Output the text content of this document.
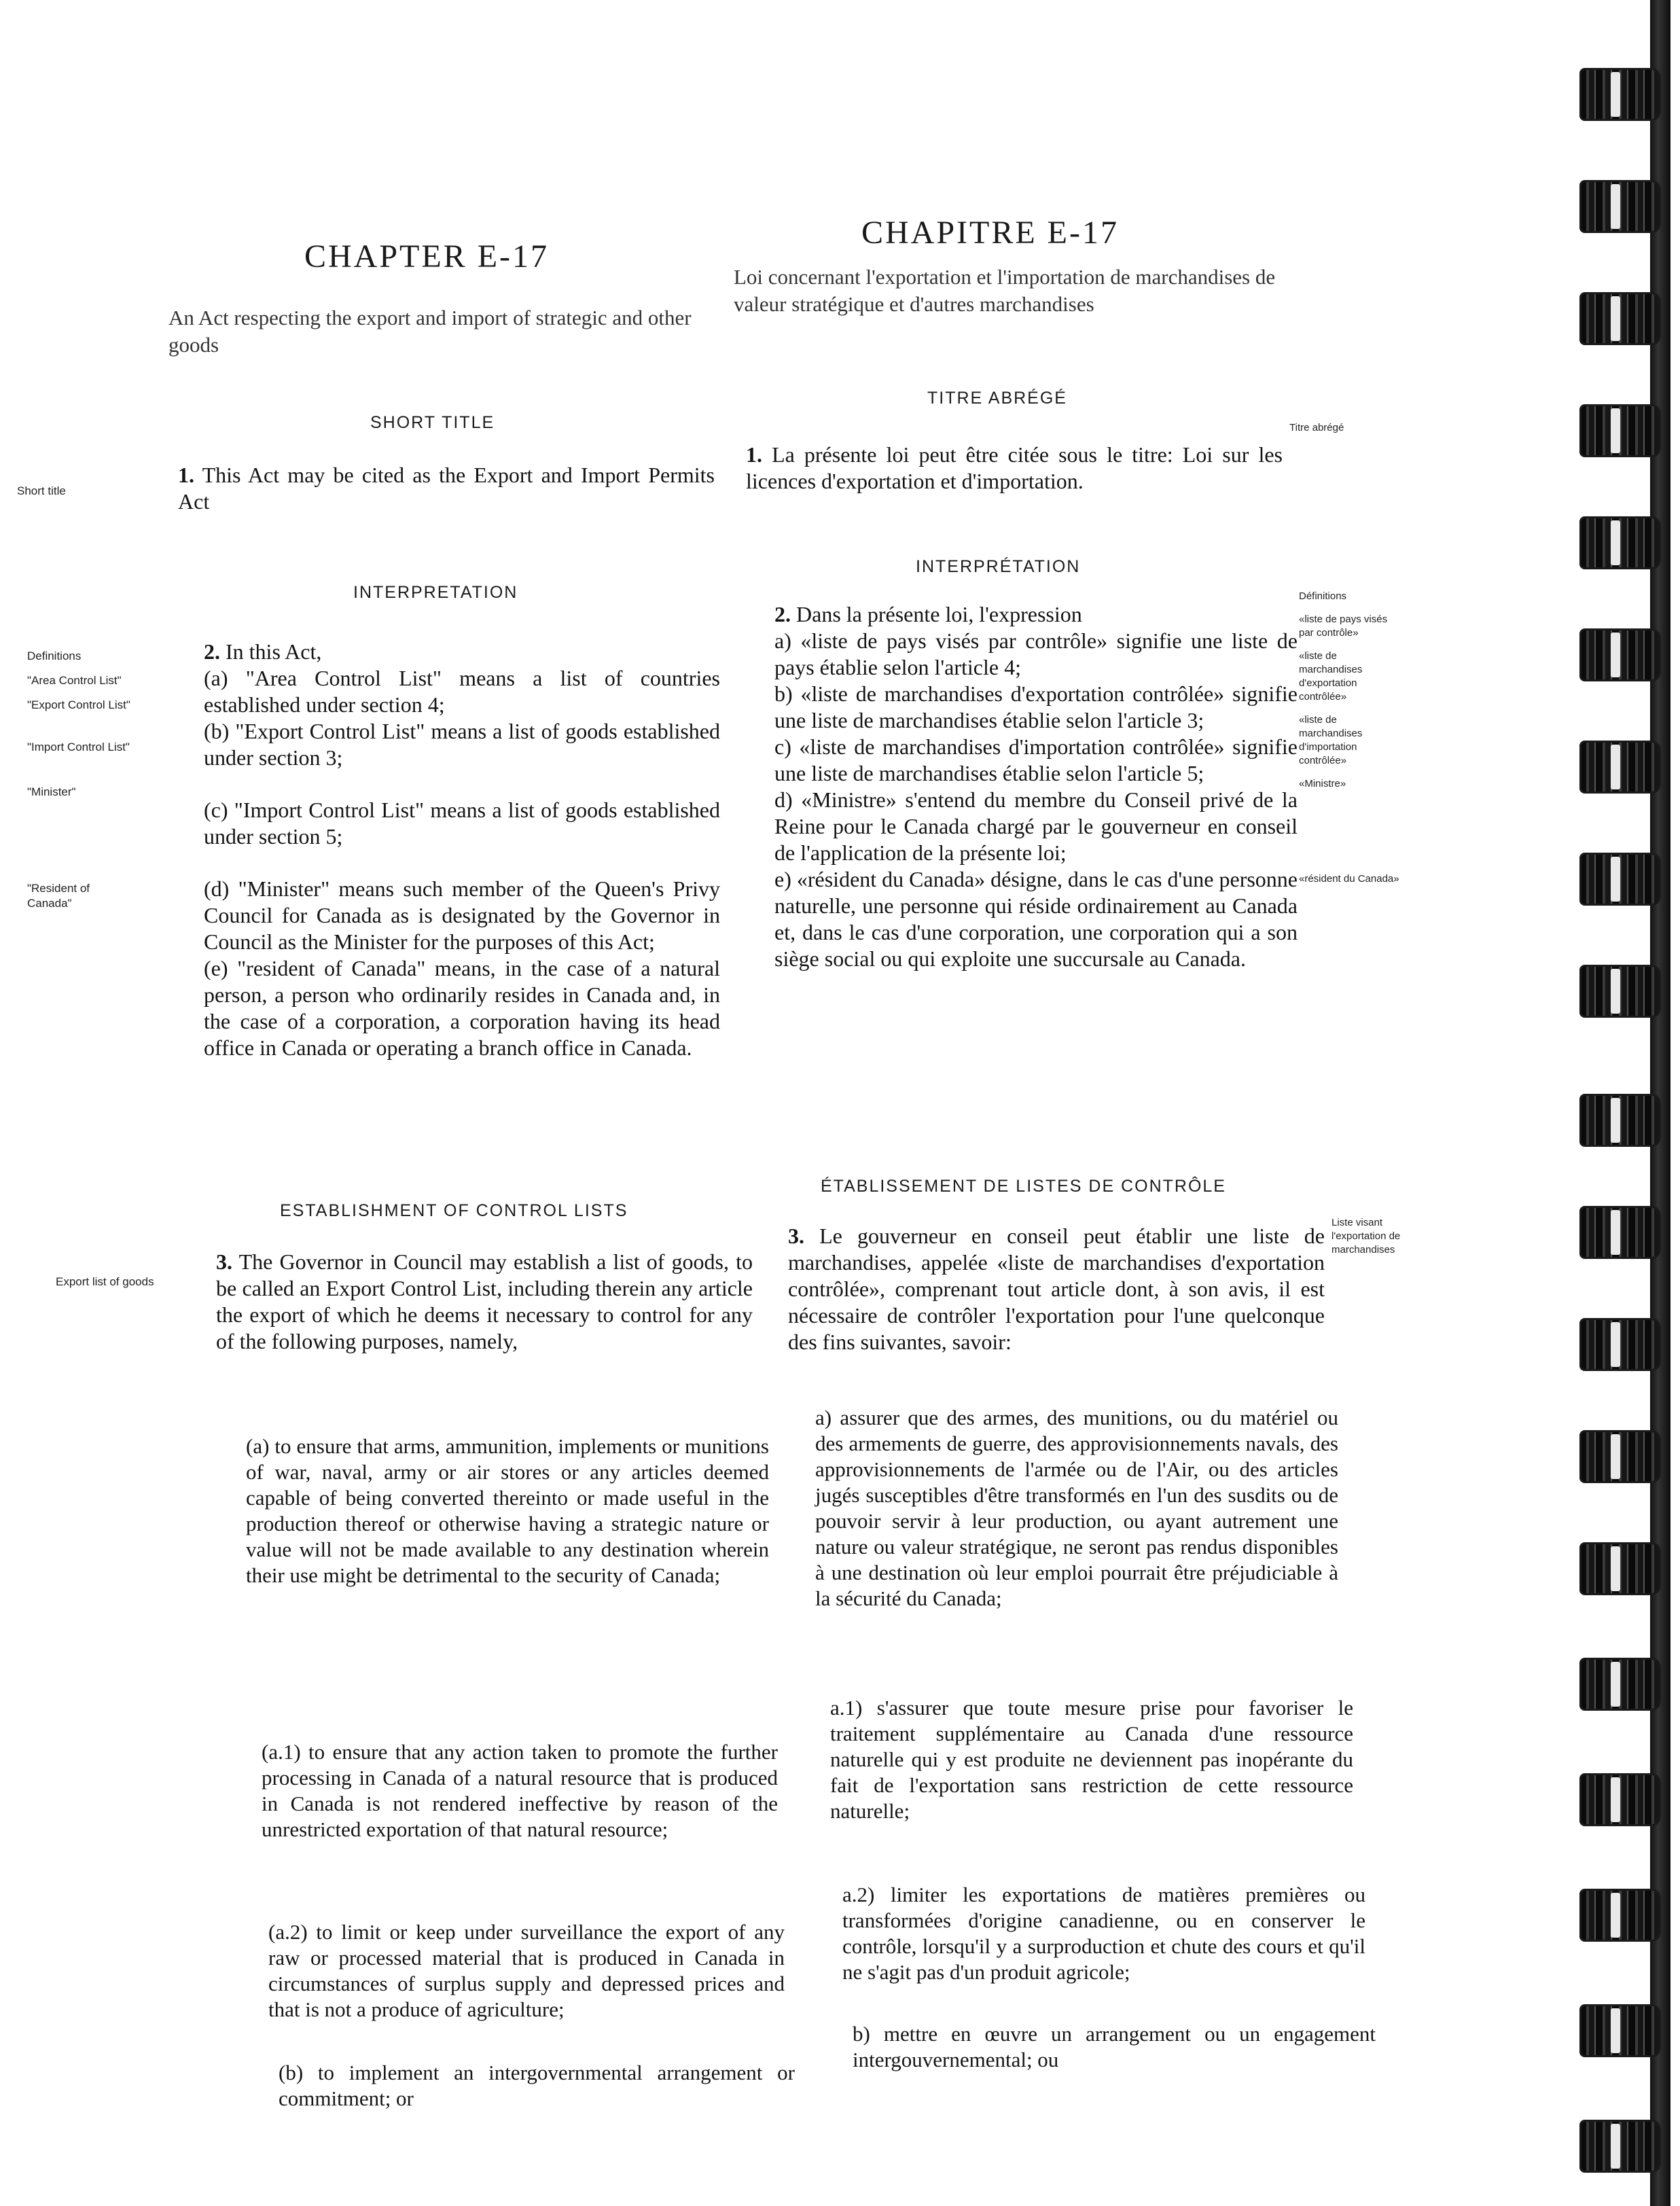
CHAPTER E-17
An Act respecting the export and import of strategic and other goods
SHORT TITLE
1. This Act may be cited as the Export and Import Permits Act
INTERPRETATION
2. In this Act,
(a) "Area Control List" means a list of countries established under section 4;
(b) "Export Control List" means a list of goods established under section 3;
(c) "Import Control List" means a list of goods established under section 5;
(d) "Minister" means such member of the Queen's Privy Council for Canada as is designated by the Governor in Council as the Minister for the purposes of this Act;
(e) "resident of Canada" means, in the case of a natural person, a person who ordinarily resides in Canada and, in the case of a corporation, a corporation having its head office in Canada or operating a branch office in Canada.
ESTABLISHMENT OF CONTROL LISTS
3. The Governor in Council may establish a list of goods, to be called an Export Control List, including therein any article the export of which he deems it necessary to control for any of the following purposes, namely,
(a) to ensure that arms, ammunition, implements or munitions of war, naval, army or air stores or any articles deemed capable of being converted thereinto or made useful in the production thereof or otherwise having a strategic nature or value will not be made available to any destination wherein their use might be detrimental to the security of Canada;
(a.1) to ensure that any action taken to promote the further processing in Canada of a natural resource that is produced in Canada is not rendered ineffective by reason of the unrestricted exportation of that natural resource;
(a.2) to limit or keep under surveillance the export of any raw or processed material that is produced in Canada in circumstances of surplus supply and depressed prices and that is not a produce of agriculture;
(b) to implement an intergovernmental arrangement or commitment; or
Short title
Definitions
"Area Control List"
"Export Control List"
"Import Control List"
"Minister"
"Resident of Canada"
Export list of goods
CHAPITRE E-17
Loi concernant l'exportation et l'importation de marchandises de valeur stratégique et d'autres marchandises
TITRE ABRÉGÉ
1. La présente loi peut être citée sous le titre: Loi sur les licences d'exportation et d'importation.
INTERPRÉTATION
2. Dans la présente loi, l'expression
a) «liste de pays visés par contrôle» signifie une liste de pays établie selon l'article 4;
b) «liste de marchandises d'exportation contrôlée» signifie une liste de marchandises établie selon l'article 3;
c) «liste de marchandises d'importation contrôlée» signifie une liste de marchandises établie selon l'article 5;
d) «Ministre» s'entend du membre du Conseil privé de la Reine pour le Canada chargé par le gouverneur en conseil de l'application de la présente loi;
e) «résident du Canada» désigne, dans le cas d'une personne naturelle, une personne qui réside ordinairement au Canada et, dans le cas d'une corporation, une corporation qui a son siège social ou qui exploite une succursale au Canada.
ÉTABLISSEMENT DE LISTES DE CONTRÔLE
3. Le gouverneur en conseil peut établir une liste de marchandises, appelée «liste de marchandises d'exportation contrôlée», comprenant tout article dont, à son avis, il est nécessaire de contrôler l'exportation pour l'une quelconque des fins suivantes, savoir:
a) assurer que des armes, des munitions, ou du matériel ou des armements de guerre, des approvisionnements navals, des approvisionnements de l'armée ou de l'Air, ou des articles jugés susceptibles d'être transformés en l'un des susdits ou de pouvoir servir à leur production, ou ayant autrement une nature ou valeur stratégique, ne seront pas rendus disponibles à une destination où leur emploi pourrait être préjudiciable à la sécurité du Canada;
a.1) s'assurer que toute mesure prise pour favoriser le traitement supplémentaire au Canada d'une ressource naturelle qui y est produite ne deviennent pas inopérante du fait de l'exportation sans restriction de cette ressource naturelle;
a.2) limiter les exportations de matières premières ou transformées d'origine canadienne, ou en conserver le contrôle, lorsqu'il y a surproduction et chute des cours et qu'il ne s'agit pas d'un produit agricole;
b) mettre en œuvre un arrangement ou un engagement intergouvernemental; ou
Titre abrégé
Définitions
«liste de pays visés par contrôle»
«liste de marchandises d'exportation contrôlée»
«liste de marchandises d'importation contrôlée»
«Ministre»
«résident du Canada»
Liste visant l'exportation de marchandises
